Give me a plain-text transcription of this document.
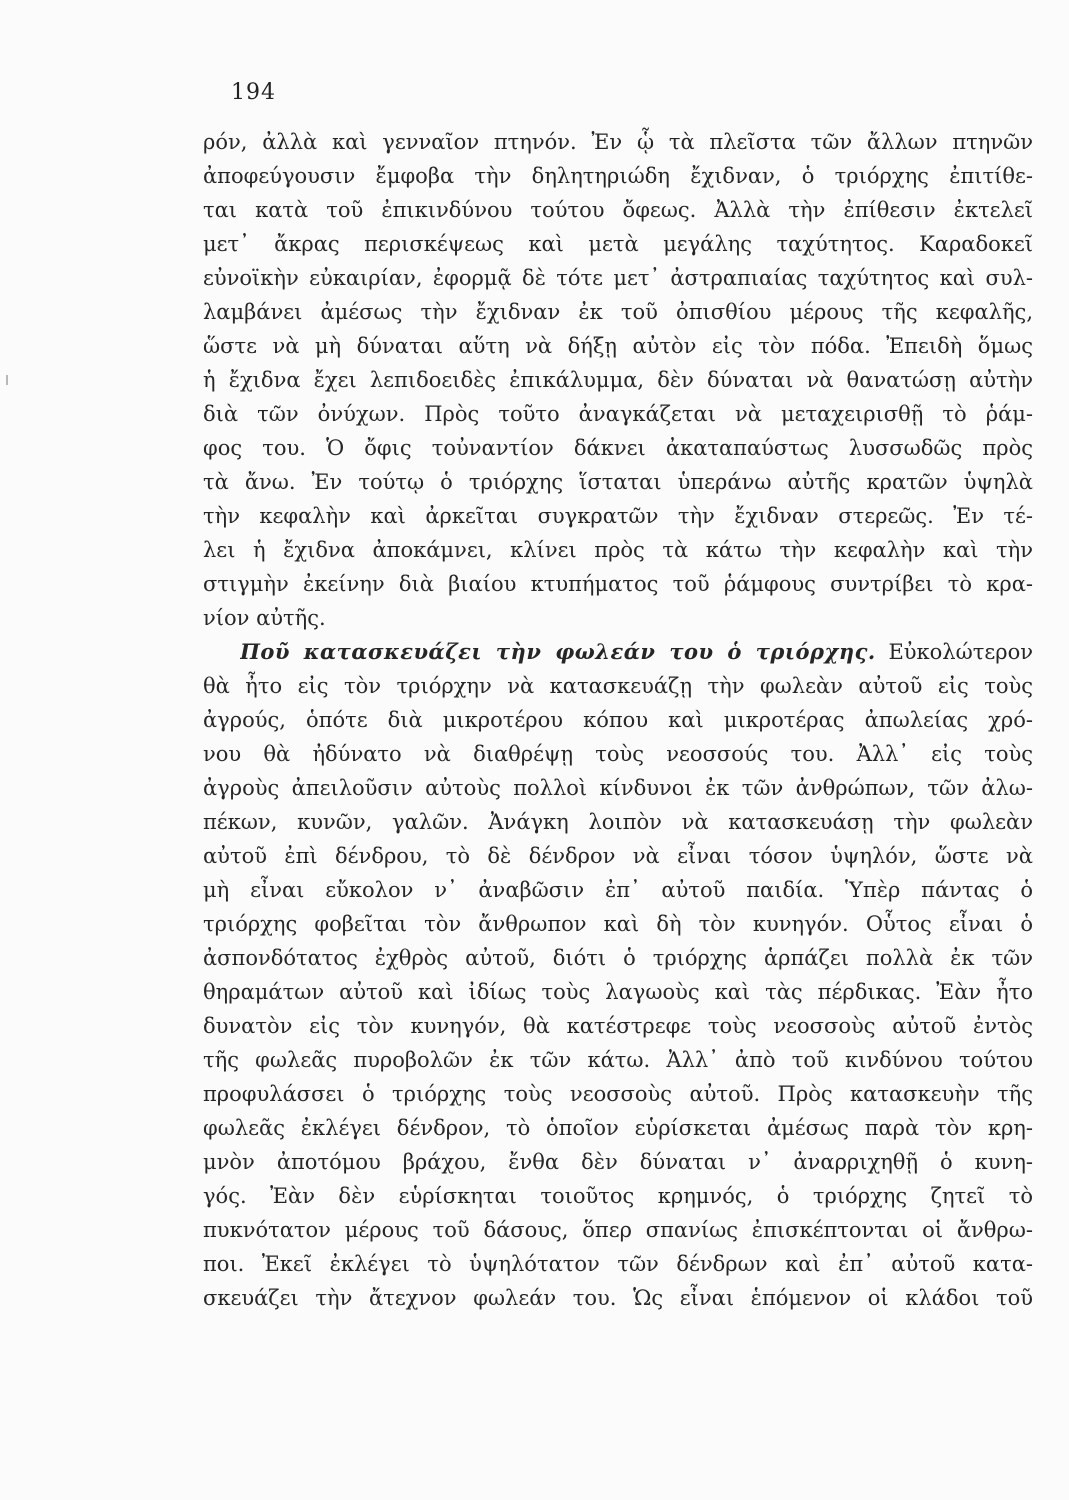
194
ρόν, ἀλλὰ καὶ γενναῖον πτηνόν. Ἐν ᾧ τὰ πλεῖστα τῶν ἄλλων πτηνῶν
ἀποφεύγουσιν ἔμφοβα τὴν δηλητηριώδη ἔχιδναν, ὁ τριόρχης ἐπιτίθε-
ται κατὰ τοῦ ἐπικινδύνου τούτου ὄφεως. Ἀλλὰ τὴν ἐπίθεσιν ἐκτελεῖ
μετ᾽ ἄκρας περισκέψεως καὶ μετὰ μεγάλης ταχύτητος. Καραδοκεῖ
εὐνοϊκὴν εὐκαιρίαν, ἐφορμᾷ δὲ τότε μετ᾽ ἀστραπιαίας ταχύτητος καὶ συλ-
λαμβάνει ἀμέσως τὴν ἔχιδναν ἐκ τοῦ ὀπισθίου μέρους τῆς κεφαλῆς,
ὥστε νὰ μὴ δύναται αὕτη νὰ δήξῃ αὐτὸν εἰς τὸν πόδα. Ἐπειδὴ ὅμως
ἡ ἔχιδνα ἔχει λεπιδοειδὲς ἐπικάλυμμα, δὲν δύναται νὰ θανατώσῃ αὐτὴν
διὰ τῶν ὀνύχων. Πρὸς τοῦτο ἀναγκάζεται νὰ μεταχειρισθῇ τὸ ῥάμ-
φος του. Ὁ ὄφις τοὐναντίον δάκνει ἀκαταπαύστως λυσσωδῶς πρὸς
τὰ ἄνω. Ἐν τούτῳ ὁ τριόρχης ἵσταται ὑπεράνω αὐτῆς κρατῶν ὑψηλὰ
τὴν κεφαλὴν καὶ ἀρκεῖται συγκρατῶν τὴν ἔχιδναν στερεῶς. Ἐν τέ-
λει ἡ ἔχιδνα ἀποκάμνει, κλίνει πρὸς τὰ κάτω τὴν κεφαλὴν καὶ τὴν
στιγμὴν ἐκείνην διὰ βιαίου κτυπήματος τοῦ ῥάμφους συντρίβει τὸ κρα-
νίον αὐτῆς.
Ποῦ κατασκευάζει τὴν φωλεάν του ὁ τριόρχης. Εὐκολώτερον
θὰ ἦτο εἰς τὸν τριόρχην νὰ κατασκευάζῃ τὴν φωλεὰν αὐτοῦ εἰς τοὺς
ἀγρούς, ὁπότε διὰ μικροτέρου κόπου καὶ μικροτέρας ἀπωλείας χρό-
νου θὰ ἠδύνατο νὰ διαθρέψῃ τοὺς νεοσσούς του. Ἀλλ᾽ εἰς τοὺς
ἀγροὺς ἀπειλοῦσιν αὐτοὺς πολλοὶ κίνδυνοι ἐκ τῶν ἀνθρώπων, τῶν ἀλω-
πέκων, κυνῶν, γαλῶν. Ἀνάγκη λοιπὸν νὰ κατασκευάσῃ τὴν φωλεὰν
αὐτοῦ ἐπὶ δένδρου, τὸ δὲ δένδρον νὰ εἶναι τόσον ὑψηλόν, ὥστε νὰ
μὴ εἶναι εὔκολον ν᾽ ἀναβῶσιν ἐπ᾽ αὐτοῦ παιδία. Ὑπὲρ πάντας ὁ
τριόρχης φοβεῖται τὸν ἄνθρωπον καὶ δὴ τὸν κυνηγόν. Οὗτος εἶναι ὁ
ἀσπονδότατος ἐχθρὸς αὐτοῦ, διότι ὁ τριόρχης ἁρπάζει πολλὰ ἐκ τῶν
θηραμάτων αὐτοῦ καὶ ἰδίως τοὺς λαγωοὺς καὶ τὰς πέρδικας. Ἐὰν ἦτο
δυνατὸν εἰς τὸν κυνηγόν, θὰ κατέστρεφε τοὺς νεοσσοὺς αὐτοῦ ἐντὸς
τῆς φωλεᾶς πυροβολῶν ἐκ τῶν κάτω. Ἀλλ᾽ ἀπὸ τοῦ κινδύνου τούτου
προφυλάσσει ὁ τριόρχης τοὺς νεοσσοὺς αὐτοῦ. Πρὸς κατασκευὴν τῆς
φωλεᾶς ἐκλέγει δένδρον, τὸ ὁποῖον εὑρίσκεται ἀμέσως παρὰ τὸν κρη-
μνὸν ἀποτόμου βράχου, ἔνθα δὲν δύναται ν᾽ ἀναρριχηθῇ ὁ κυνη-
γός. Ἐὰν δὲν εὑρίσκηται τοιοῦτος κρημνός, ὁ τριόρχης ζητεῖ τὸ
πυκνότατον μέρους τοῦ δάσους, ὅπερ σπανίως ἐπισκέπτονται οἱ ἄνθρω-
ποι. Ἐκεῖ ἐκλέγει τὸ ὑψηλότατον τῶν δένδρων καὶ ἐπ᾽ αὐτοῦ κατα-
σκευάζει τὴν ἄτεχνον φωλεάν του. Ὡς εἶναι ἑπόμενον οἱ κλάδοι τοῦ
